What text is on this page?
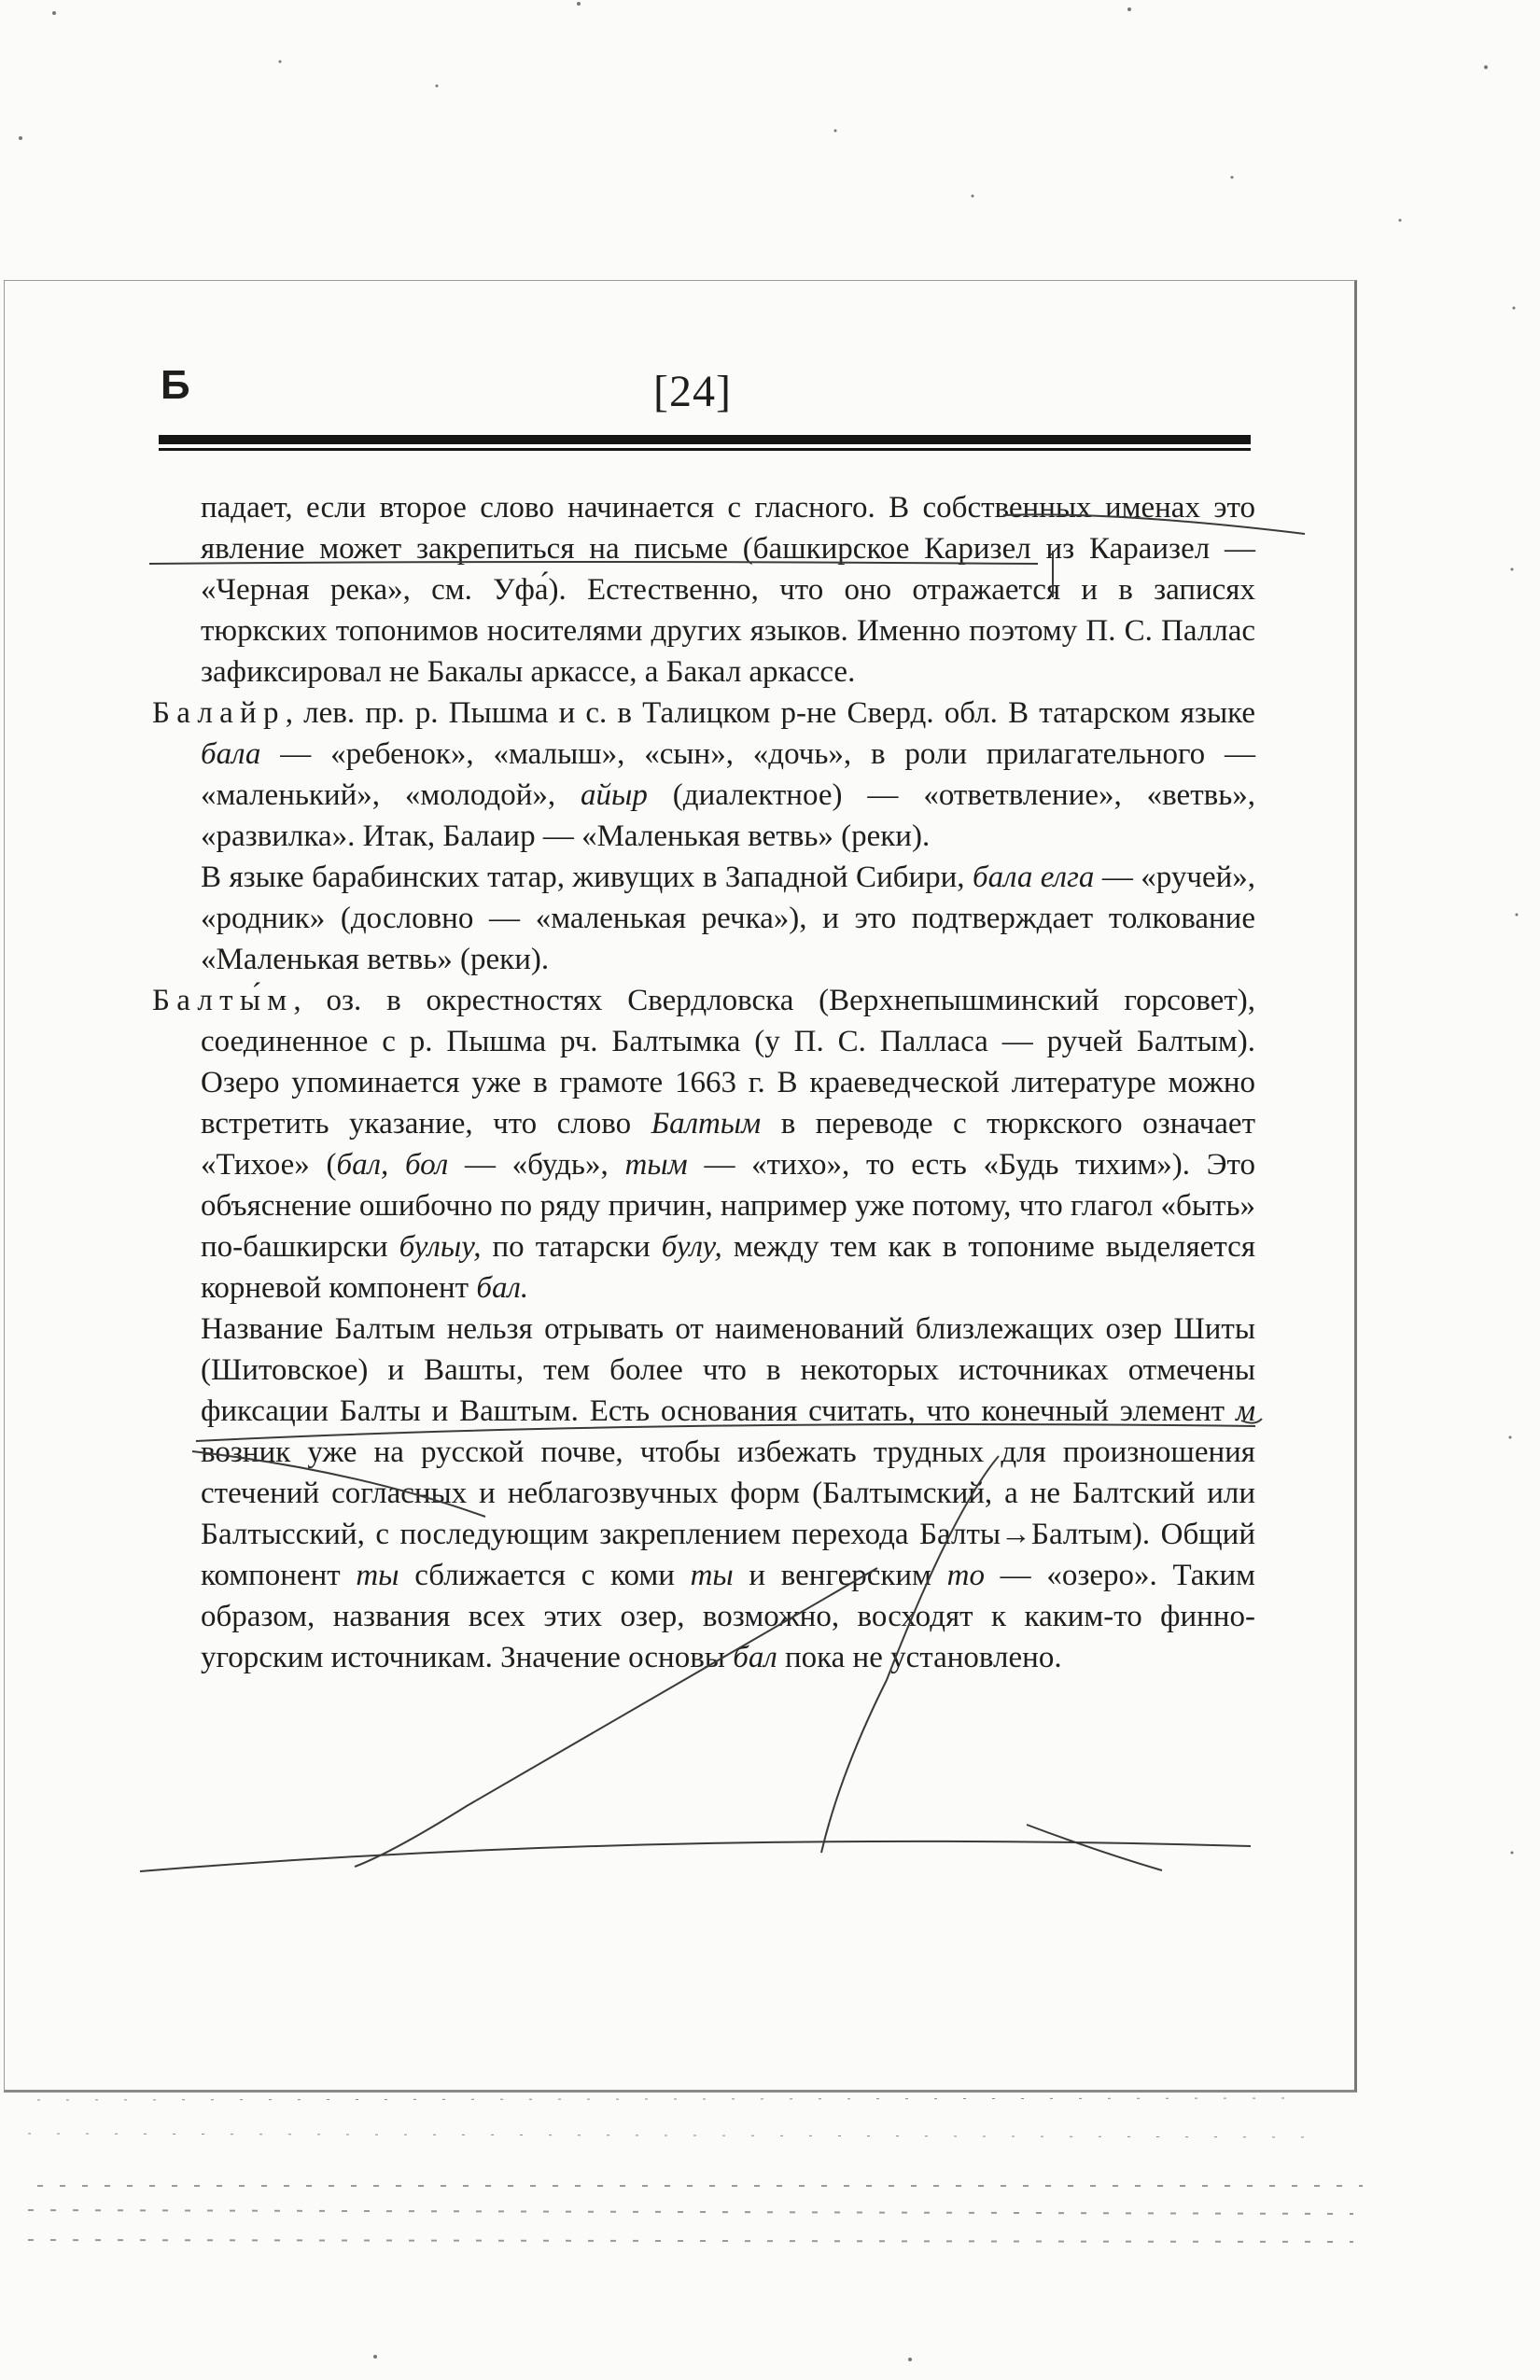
Б	[24]

падает, если второе слово начинается с гласного. В собственных именах это явление может закрепиться на письме (башкирское Каризел из Караизел — «Черная река», см. Уфа́). Естественно, что оно отражается и в записях тюркских топонимов носителями других языков. Именно поэтому П. С. Паллас зафиксировал не Бакалы аркассе, а Бакал аркассе.

Балайр, лев. пр. р. Пышма и с. в Талицком р-не Сверд. обл. В татарском языке бала — «ребенок», «малыш», «сын», «дочь», в роли прилагательного — «маленький», «молодой», айыр (диалектное) — «ответвление», «ветвь», «развилка». Итак, Балаир — «Маленькая ветвь» (реки).

В языке барабинских татар, живущих в Западной Сибири, бала елга — «ручей», «родник» (дословно — «маленькая речка»), и это подтверждает толкование «Маленькая ветвь» (реки).

Балты́м, оз. в окрестностях Свердловска (Верхнепышминский горсовет), соединенное с р. Пышма рч. Балтымка (у П. С. Палласа — ручей Балтым). Озеро упоминается уже в грамоте 1663 г. В краеведческой литературе можно встретить указание, что слово Балтым в переводе с тюркского означает «Тихое» (бал, бол — «будь», тым — «тихо», то есть «Будь тихим»). Это объяснение ошибочно по ряду причин, например уже потому, что глагол «быть» по-башкирски булыу, по татарски булу, между тем как в топониме выделяется корневой компонент бал.

Название Балтым нельзя отрывать от наименований близлежащих озер Шиты (Шитовское) и Вашты, тем более что в некоторых источниках отмечены фиксации Балты и Ваштым. Есть основания считать, что конечный элемент м возник уже на русской почве, чтобы избежать трудных для произношения стечений согласных и неблагозвучных форм (Балтымский, а не Балтский или Балтысский, с последующим закреплением перехода Балты→Балтым). Общий компонент ты сближается с коми ты и венгерским то — «озеро». Таким образом, названия всех этих озер, возможно, восходят к каким-то финно-угорским источникам. Значение основы бал пока не установлено.
